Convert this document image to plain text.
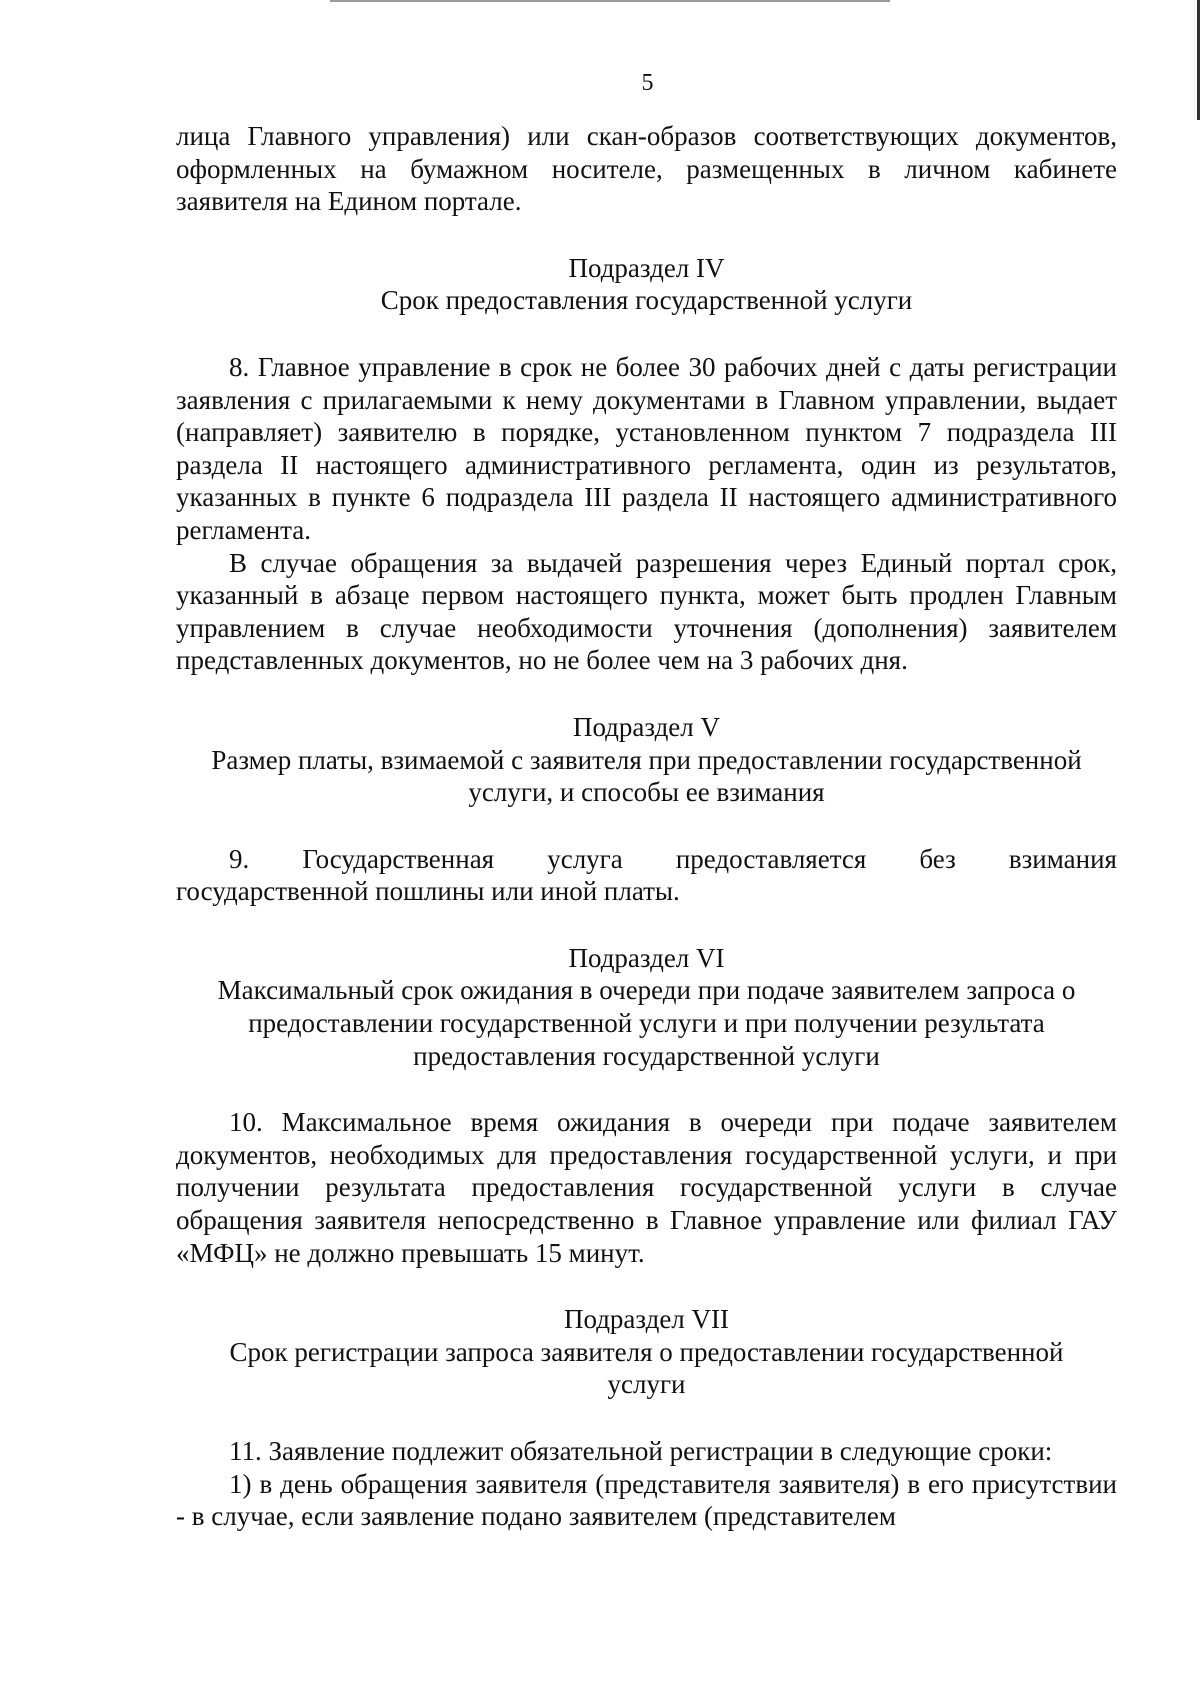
5

лица Главного управления) или скан-образов соответствующих документов, оформленных на бумажном носителе, размещенных в личном кабинете заявителя на Едином портале.

Подраздел IV
Срок предоставления государственной услуги

8. Главное управление в срок не более 30 рабочих дней с даты регистрации заявления с прилагаемыми к нему документами в Главном управлении, выдает (направляет) заявителю в порядке, установленном пунктом 7 подраздела III раздела II настоящего административного регламента, один из результатов, указанных в пункте 6 подраздела III раздела II настоящего административного регламента.

В случае обращения за выдачей разрешения через Единый портал срок, указанный в абзаце первом настоящего пункта, может быть продлен Главным управлением в случае необходимости уточнения (дополнения) заявителем представленных документов, но не более чем на 3 рабочих дня.

Подраздел V
Размер платы, взимаемой с заявителя при предоставлении государственной
услуги, и способы ее взимания
9. Государственная услуга предоставляется без взимания

государственной пошлины или иной платы.

Подраздел VI
Максимальный срок ожидания в очереди при подаче заявителем запроса о
предоставлении государственной услуги и при получении результата
предоставления государственной услуги

10. Максимальное время ожидания в очереди при подаче заявителем документов, необходимых для предоставления государственной услуги, и при получении результата предоставления государственной услуги в случае обращения заявителя непосредственно в Главное управление или филиал ГАУ «МФЦ» не должно превышать 15 минут.

Подраздел VII
Срок регистрации запроса заявителя о предоставлении государственной
услуги

11. Заявление подлежит обязательной регистрации в следующие сроки:

1) в день обращения заявителя (представителя заявителя) в его присутствии - в случае, если заявление подано заявителем (представителем
